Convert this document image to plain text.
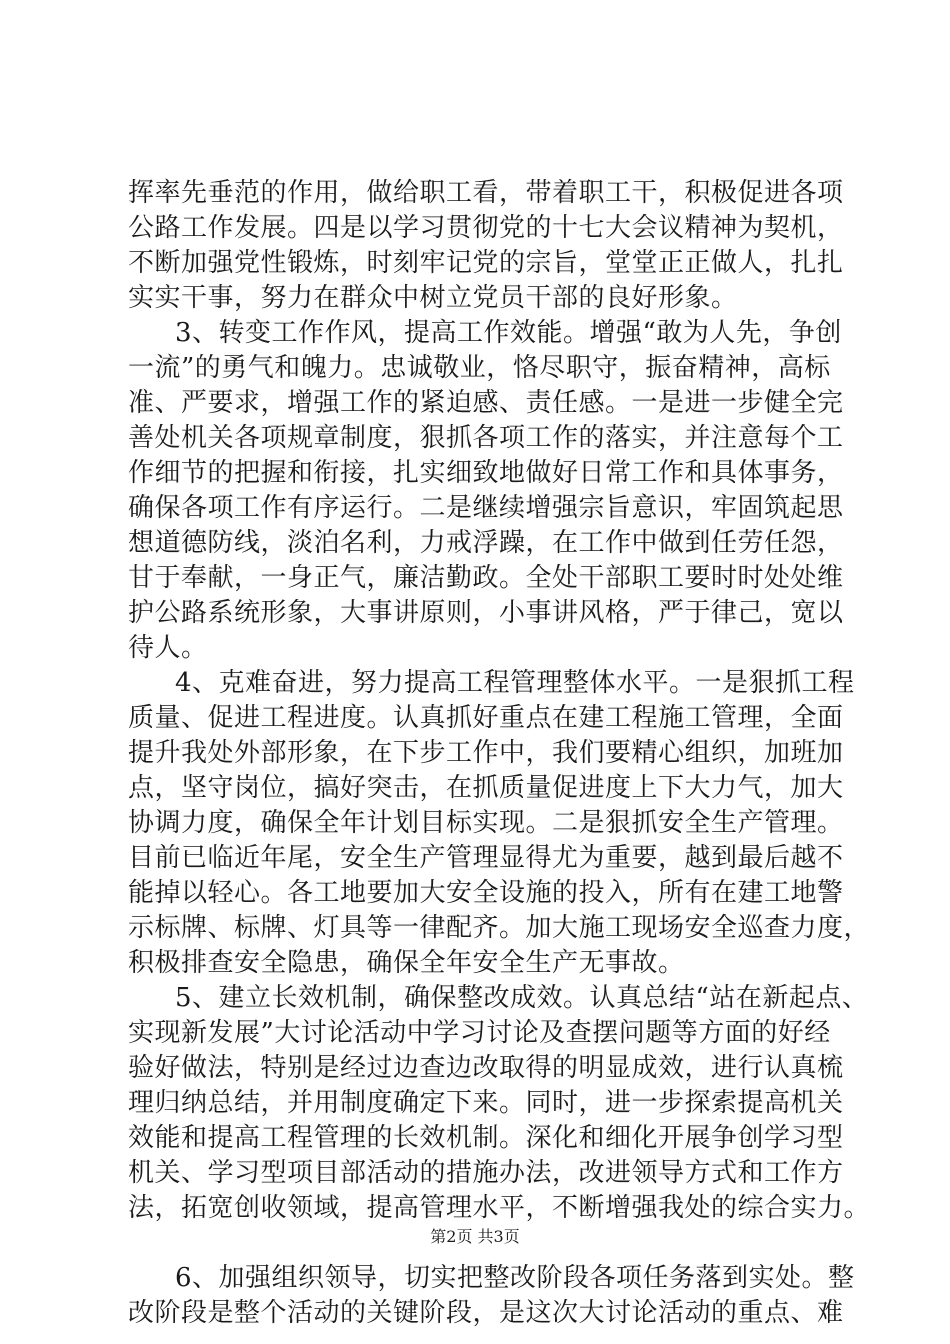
挥率先垂范的作用，做给职工看，带着职工干，积极促进各项
公路工作发展。四是以学习贯彻党的十七大会议精神为契机，
不断加强党性锻炼，时刻牢记党的宗旨，堂堂正正做人，扎扎
实实干事，努力在群众中树立党员干部的良好形象。
3、转变工作作风，提高工作效能。增强“敢为人先，争创
一流”的勇气和魄力。忠诚敬业，恪尽职守，振奋精神，高标
准、严要求，增强工作的紧迫感、责任感。一是进一步健全完
善处机关各项规章制度，狠抓各项工作的落实，并注意每个工
作细节的把握和衔接，扎实细致地做好日常工作和具体事务，
确保各项工作有序运行。二是继续增强宗旨意识，牢固筑起思
想道德防线，淡泊名利，力戒浮躁，在工作中做到任劳任怨，
甘于奉献，一身正气，廉洁勤政。全处干部职工要时时处处维
护公路系统形象，大事讲原则，小事讲风格，严于律己，宽以
待人。
4、克难奋进，努力提高工程管理整体水平。一是狠抓工程
质量、促进工程进度。认真抓好重点在建工程施工管理，全面
提升我处外部形象，在下步工作中，我们要精心组织，加班加
点，坚守岗位，搞好突击，在抓质量促进度上下大力气，加大
协调力度，确保全年计划目标实现。二是狠抓安全生产管理。
目前已临近年尾，安全生产管理显得尤为重要，越到最后越不
能掉以轻心。各工地要加大安全设施的投入，所有在建工地警
示标牌、标牌、灯具等一律配齐。加大施工现场安全巡查力度，
积极排查安全隐患，确保全年安全生产无事故。
5、建立长效机制，确保整改成效。认真总结“站在新起点、
实现新发展”大讨论活动中学习讨论及查摆问题等方面的好经
验好做法，特别是经过边查边改取得的明显成效，进行认真梳
理归纳总结，并用制度确定下来。同时，进一步探索提高机关
效能和提高工程管理的长效机制。深化和细化开展争创学习型
机关、学习型项目部活动的措施办法，改进领导方式和工作方
法，拓宽创收领域，提高管理水平，不断增强我处的综合实力。
6、加强组织领导，切实把整改阶段各项任务落到实处。整
改阶段是整个活动的关键阶段，是这次大讨论活动的重点、难
第2页 共3页
